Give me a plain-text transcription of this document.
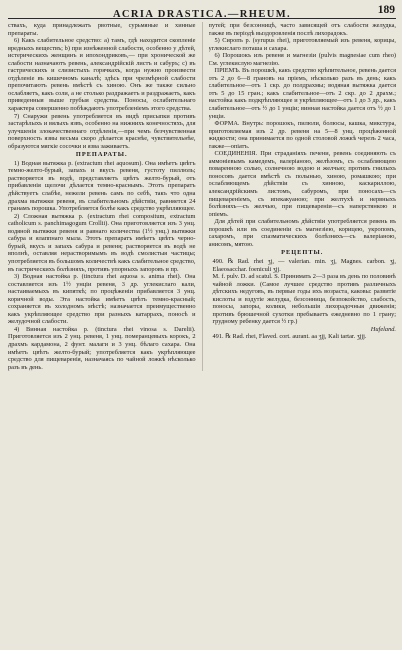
ACRIA DRASTICA.—RHEUM.	189

ствахъ, куда принадлежатъ рвотные, сурьмяные и хинные препараты.

6) Какъ слабительное средство: а) тамъ, гдѣ находится скопленіе вредныхъ веществъ; b) при изнѣженной слабости, особенно у дѣтей, истерическихъ женщинъ и ипохондриковъ,— при хронической же слабости назначаютъ ревень, александрійскій листъ и сабуръ; c) въ гастрическихъ и слизистыхъ горячкахъ, когда нужно произвести отдѣленіе въ кишечномъ каналѣ; здѣсь при чрезмѣрной слабости препочитаютъ ревень вмѣстѣ съ хиною. Онъ же также сильно ослабляетъ, какъ соли, а не столько раздражаетъ и раздражаетъ, какъ приведенныя выше грубыя средства. Поносы, ослабительнаго характера совершенно побѣждаютъ употребленіемъ этого средства.

7) Снаружи ревень употребляется въ видѣ присыпки противъ застарѣлыхъ и вялыхъ язвъ, особенно на нижнихъ конечностяхъ, для улучшенія злокачественнаго отдѣленія,—при чемъ безчувственная поверхность язвы весьма скоро дѣлается краснѣе, чувствительнѣе, образуются мягкіе сосочки и язва заживаетъ.

ПРЕПАРАТЫ.

1) Водная вытяжка р. (extractum rhei aquosum). Она имѣетъ цвѣтъ темно-желто-бурый, запахъ и вкусъ ревеня, густоту пиллюль; растворяется въ водѣ, представляетъ цвѣтъ желто-бурый, отъ прибавленія щелочи дѣлается темно-краснымъ. Этотъ препаратъ дѣйствуетъ слабѣе, нежели ревень самъ по себѣ, такъ что одна драхма вытяжки ревеня, въ слабительномъ дѣйствіи, равняется 24 гранамъ порошка. Употребляется болѣе какъ средство укрѣпляющее.

2) Сложная вытяжка р. (extractum rhei compositum, extractum catholicum s. panchimagogum Crollii). Она приготовляется изъ 3 унц. водяной вытяжки ревеня и равнаго количества (1½ унц.) вытяжки сабура и ялаппнаго мыла. Этотъ препаратъ имѣетъ цвѣтъ черно-бурый, вкусъ и запахъ сабура и ревеня; растворяется въ водѣ не вполнѣ, оставляя нерастворимымъ въ водѣ смолистыя частицы; употребляется въ большомъ количествѣ какъ слабительное средство, въ гастрическихъ болѣзняхъ, противъ упорныхъ запоровъ и пр.

3) Водная настойка р. (tinctura rhei aquosa s. anima rhei). Она составляется изъ 1½ унціи ревеня, 3 др. углекислаго кали, настаиваемыхъ въ кипяткѣ; по процѣженіи прибавляется 3 унц. коричной воды. Эта настойка имѣетъ цвѣтъ темно-красный; сохраняется въ холодномъ мѣстѣ; назначается преимущественно какъ укрѣпляющее средство при разныхъ катаррахъ, поносѣ и желудочной слабости.

4) Винная настойка р. (tinctura rhei vinosa s. Darelii). Приготовляется изъ 2 унц. ревеня, 1 унц. померанцевыхъ корокъ, 2 драхмъ кардамона, 2 фунт. малаги и 3 унц. бѣлаго сахара. Она имѣетъ цвѣтъ желто-бурый; употребляется какъ укрѣпляющее средство для пищеваренія, назначаясь по чайной ложкѣ нѣсколько разъ въ день.

путей; при безсонницѣ, часто зависящей отъ слабости желудка, также въ періодѣ выздоровленія послѣ лихорадокъ.

5) Сиропъ р. (syrupus rhei), приготовляемый изъ ревеня, корицы, углекислаго поташа и сахара.

6) Порошокъ изъ ревеня и магнезіи (pulvis magnesiae cum rheo) См. углекислую магнезію.

ПРІЕМЪ. Въ порошкѣ, какъ средство крѣпительное, ревень дается отъ 2 до 6—8 грановъ на пріемъ, нѣсколько разъ въ день; какъ слабительное—отъ 1 скр. до полдрахмы; водяная вытяжка дается отъ 5 до 15 гран.; какъ слабительное—отъ 2 скр. до 2 драхм.; настойка какъ подкрѣпляющее и укрѣпляющее—отъ 1 до 3 др., какъ слабительное—отъ ½ до 1 унціи; винная настойка дается отъ ½ до 1 унціи.

ФОРМА. Внутрь: порошокъ, пилюли, болюсы, кашка, микстура, приготовляемая изъ 2 др. ревеня на 5—8 унц. процѣженной жидкости; она принимается по одной столовой ложкѣ черезъ 2 часа, также—опіатъ.

СОЕДИНЕНІЯ. При страданіяхъ печени, ревень соединяють съ аммоніевымъ камедемъ, валеріаною, желѣзомъ, съ ослабляющею поваренною солью, солнечною водою и желчью; противъ гнилыхъ поносовъ дается вмѣстѣ съ полынью, хиною, ромашкою; при ослабляющемъ дѣйствіи съ хинною, каскариллою, александрійскимъ листомъ, сабуромъ, при поносахъ—съ пищевареніемъ, съ ипекакуаною; при желтухѣ и нервныхъ болѣзняхъ—съ желчью, при пищевареніи—съ наперстянкою и опіемъ.

Для дѣтей при слабительномъ дѣйствіи употребляется ревень въ порошкѣ или въ соединеніи съ магнезіею, корицею, укропомъ, сахаромъ, при спазматическихъ болѣзняхъ—съ валеріаною, анисомъ, мятою.

РЕЦЕПТЫ.

490. ℞ Rad. rhei ʒj, — valerian. min. ʒj, Magnes. carbon. ʒj, Elaeosacchar. foeniculi ʒjj.

M. f. pulv. D. ad scatul. S. Принимать 2—3 раза въ день по половинѣ чайной ложки. (Самое лучшее средство противъ различныхъ дѣтскихъ недуговъ, въ первые годы ихъ возраста, каковы: развитіе кислоты и вздутіе желудка, безсонница, безпокойство, слабость, поносы, запоры, колики, небольшія лихорадочныя движенія; противъ брюшечной сухотки пребываетъ ежедневно по 1 грану; грудному ребенку дается ½ гр.)

Hufeland.

491. ℞ Rad. rhei, Flaved. cort. aurant. aa ʒjj, Kali tartar. ʒjjj.
